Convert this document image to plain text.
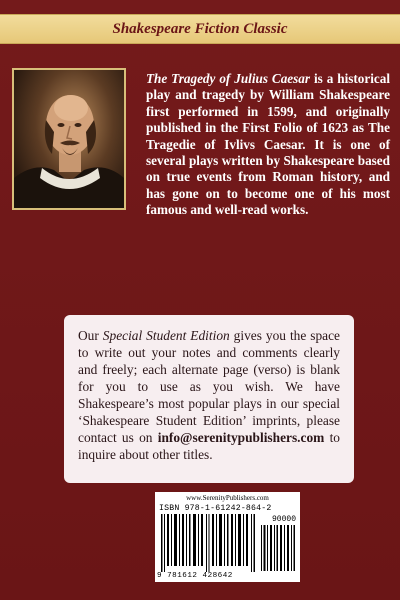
Shakespeare Fiction Classic
The Tragedy of Julius Caesar is a historical play and tragedy by William Shakespeare first performed in 1599, and originally published in the First Folio of 1623 as The Tragedie of Ivlivs Caesar. It is one of several plays written by Shakespeare based on true events from Roman history, and has gone on to become one of his most famous and well-read works.
Our Special Student Edition gives you the space to write out your notes and comments clearly and freely; each alternate page (verso) is blank for you to use as you wish. We have Shakespeare’s most popular plays in our special ‘Shakespeare Student Edition’ imprints, please contact us on info@serenitypublishers.com to inquire about other titles.
www.SerenityPublishers.com
ISBN 978-1-61242-864-2
90000
9 781612 428642
